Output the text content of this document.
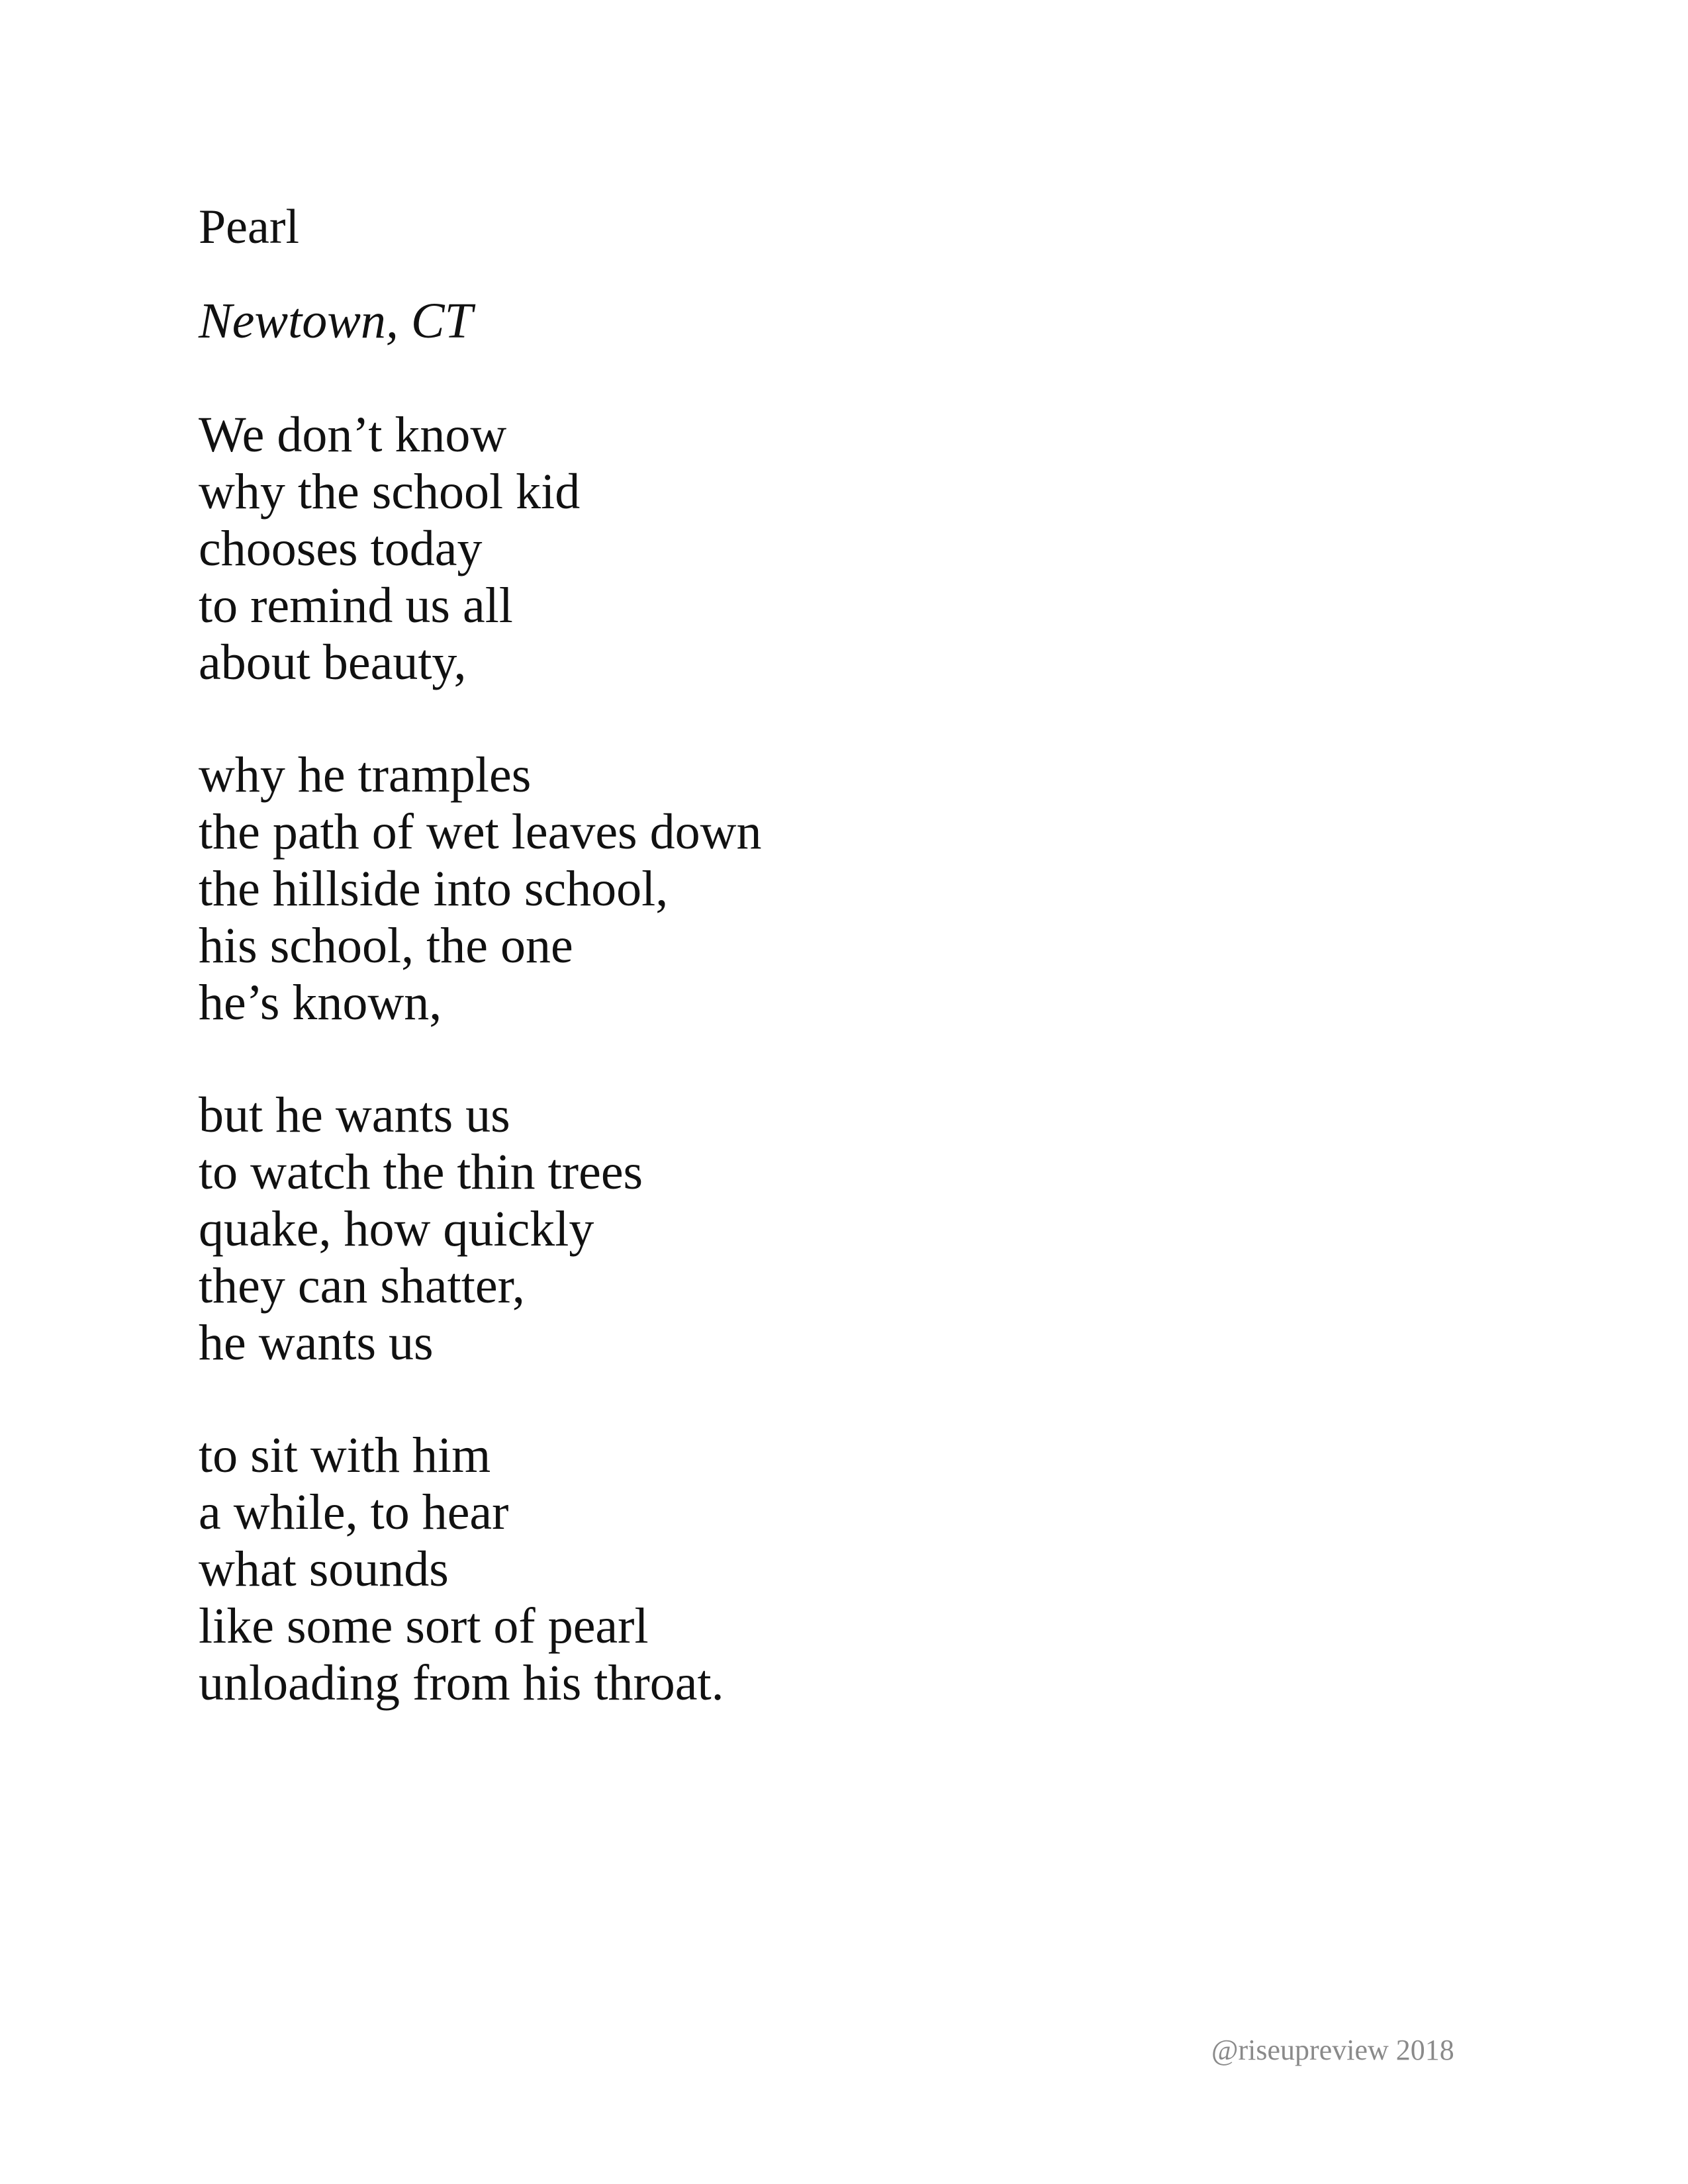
Pearl
Newtown, CT
We don’t know
why the school kid
chooses today
to remind us all
about beauty,
why he tramples
the path of wet leaves down
the hillside into school,
his school, the one
he’s known,
but he wants us
to watch the thin trees
quake, how quickly
they can shatter,
he wants us
to sit with him
a while, to hear
what sounds
like some sort of pearl
unloading from his throat.
@riseupreview 2018
